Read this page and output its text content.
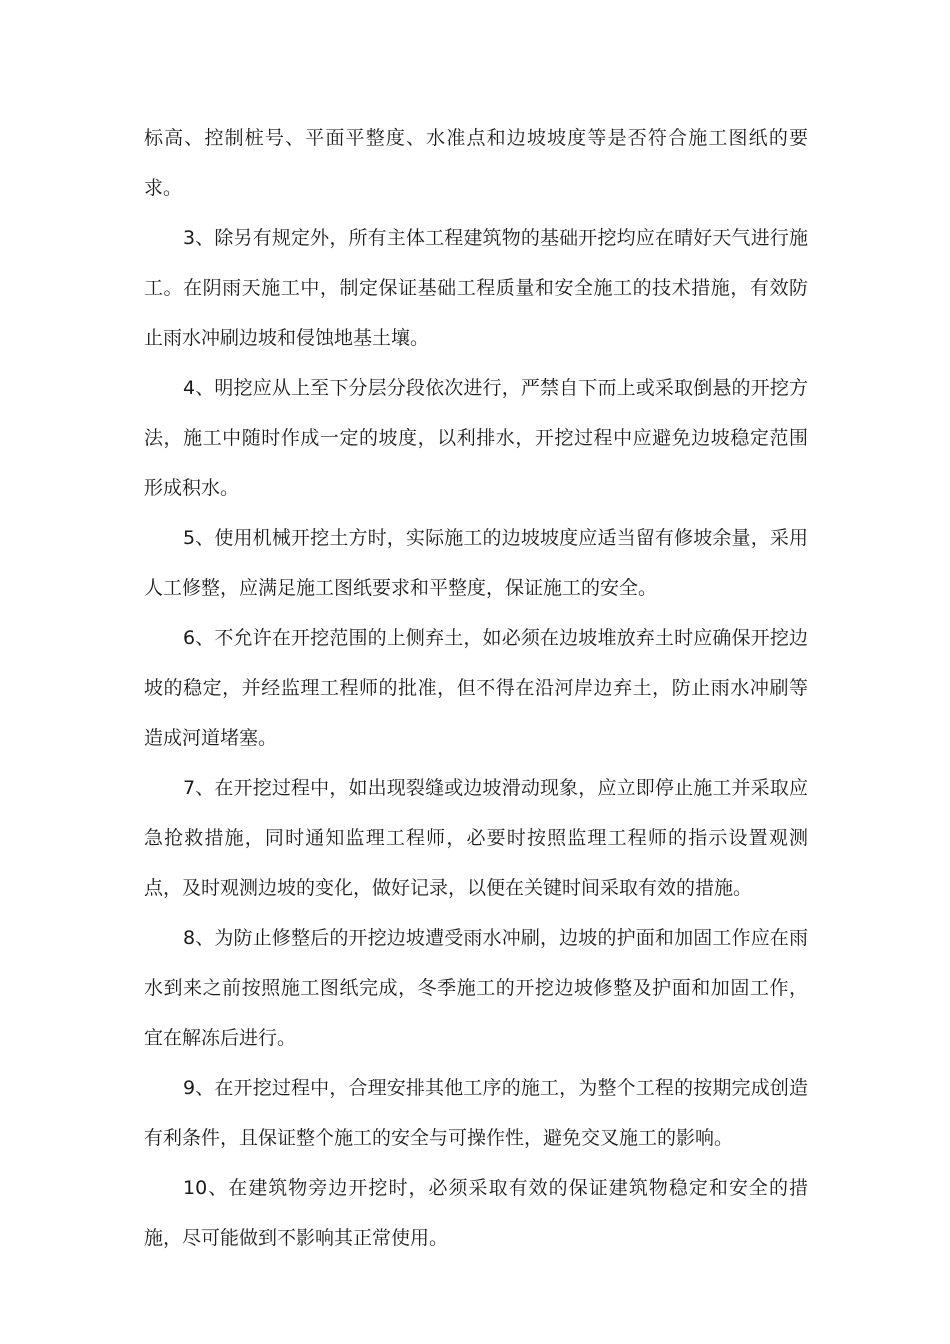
标高、控制桩号、平面平整度、水准点和边坡坡度等是否符合施工图纸的要求。

3、除另有规定外，所有主体工程建筑物的基础开挖均应在晴好天气进行施工。在阴雨天施工中，制定保证基础工程质量和安全施工的技术措施，有效防止雨水冲刷边坡和侵蚀地基土壤。

4、明挖应从上至下分层分段依次进行，严禁自下而上或采取倒悬的开挖方法，施工中随时作成一定的坡度，以利排水，开挖过程中应避免边坡稳定范围形成积水。

5、使用机械开挖土方时，实际施工的边坡坡度应适当留有修坡余量，采用人工修整，应满足施工图纸要求和平整度，保证施工的安全。

6、不允许在开挖范围的上侧弃土，如必须在边坡堆放弃土时应确保开挖边坡的稳定，并经监理工程师的批准，但不得在沿河岸边弃土，防止雨水冲刷等造成河道堵塞。

7、在开挖过程中，如出现裂缝或边坡滑动现象，应立即停止施工并采取应急抢救措施，同时通知监理工程师，必要时按照监理工程师的指示设置观测点，及时观测边坡的变化，做好记录，以便在关键时间采取有效的措施。

8、为防止修整后的开挖边坡遭受雨水冲刷，边坡的护面和加固工作应在雨水到来之前按照施工图纸完成，冬季施工的开挖边坡修整及护面和加固工作，宜在解冻后进行。

9、在开挖过程中，合理安排其他工序的施工，为整个工程的按期完成创造有利条件，且保证整个施工的安全与可操作性，避免交叉施工的影响。

10、在建筑物旁边开挖时，必须采取有效的保证建筑物稳定和安全的措施，尽可能做到不影响其正常使用。
